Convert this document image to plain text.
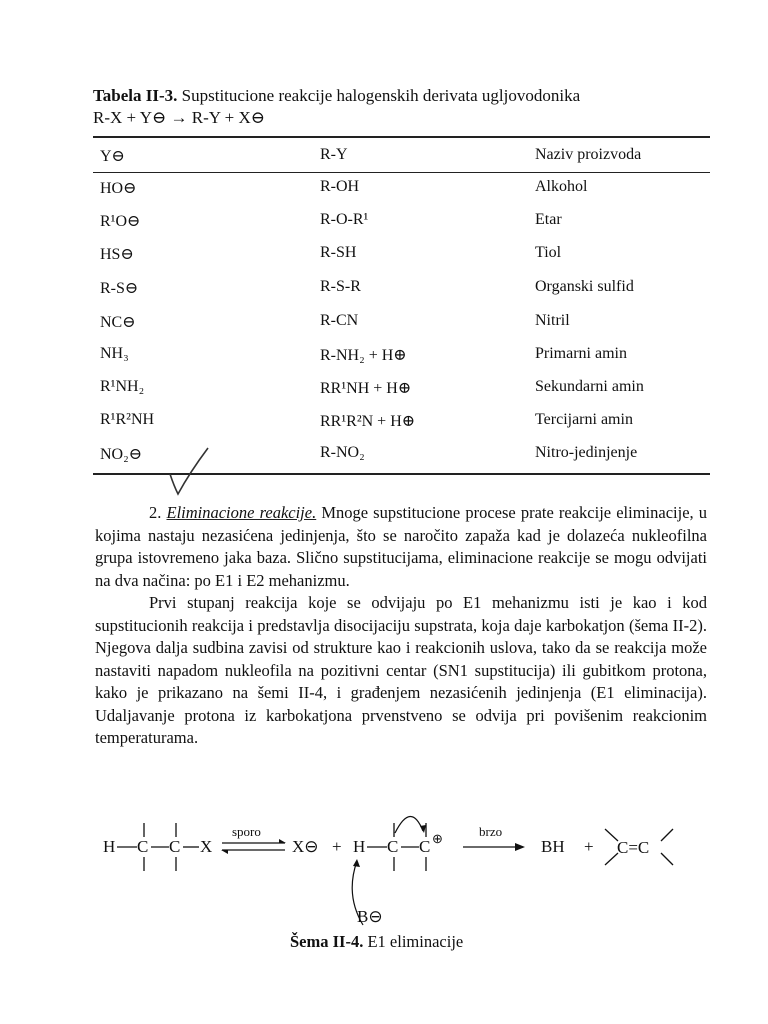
Tabela II-3. Supstitucione reakcije halogenskih derivata ugljovodonika
R-X + Y⊖ → R-Y + X⊖
Y⊖	R-Y	Naziv proizvoda
HO⊖	R-OH	Alkohol
R¹O⊖	R-O-R¹	Etar
HS⊖	R-SH	Tiol
R-S⊖	R-S-R	Organski sulfid
NC⊖	R-CN	Nitril
NH₃	R-NH₂ + H⊕	Primarni amin
R¹NH₂	RR¹NH + H⊕	Sekundarni amin
R¹R²NH	RR¹R²N + H⊕	Tercijarni amin
NO₂⊖	R-NO₂	Nitro-jedinjenje

2. Eliminacione reakcije. Mnoge supstitucione procese prate reakcije eliminacije, u kojima nastaju nezasićena jedinjenja, što se naročito zapaža kad je dolazeća nukleofilna grupa istovremeno jaka baza. Slično supstitucijama, eliminacione reakcije se mogu odvijati na dva načina: po E1 i E2 mehanizmu.

Prvi stupanj reakcija koje se odvijaju po E1 mehanizmu isti je kao i kod supstitucionih reakcija i predstavlja disocijaciju supstrata, koja daje karbokatjon (šema II-2). Njegova dalja sudbina zavisi od strukture kao i reakcionih uslova, tako da se reakcija može nastaviti napadom nukleofila na pozitivni centar (SN1 supstitucija) ili gubitkom protona, kako je prikazano na šemi II-4, i građenjem nezasićenih jedinjenja (E1 eliminacija). Udaljavanje protona iz karbokatjona prvenstveno se odvija pri povišenim reakcionim temperaturama.

H C C X
sporo
X⊖ + H C C ⊕
B⊖
brzo
BH + C=C
Šema II-4. E1 eliminacije
